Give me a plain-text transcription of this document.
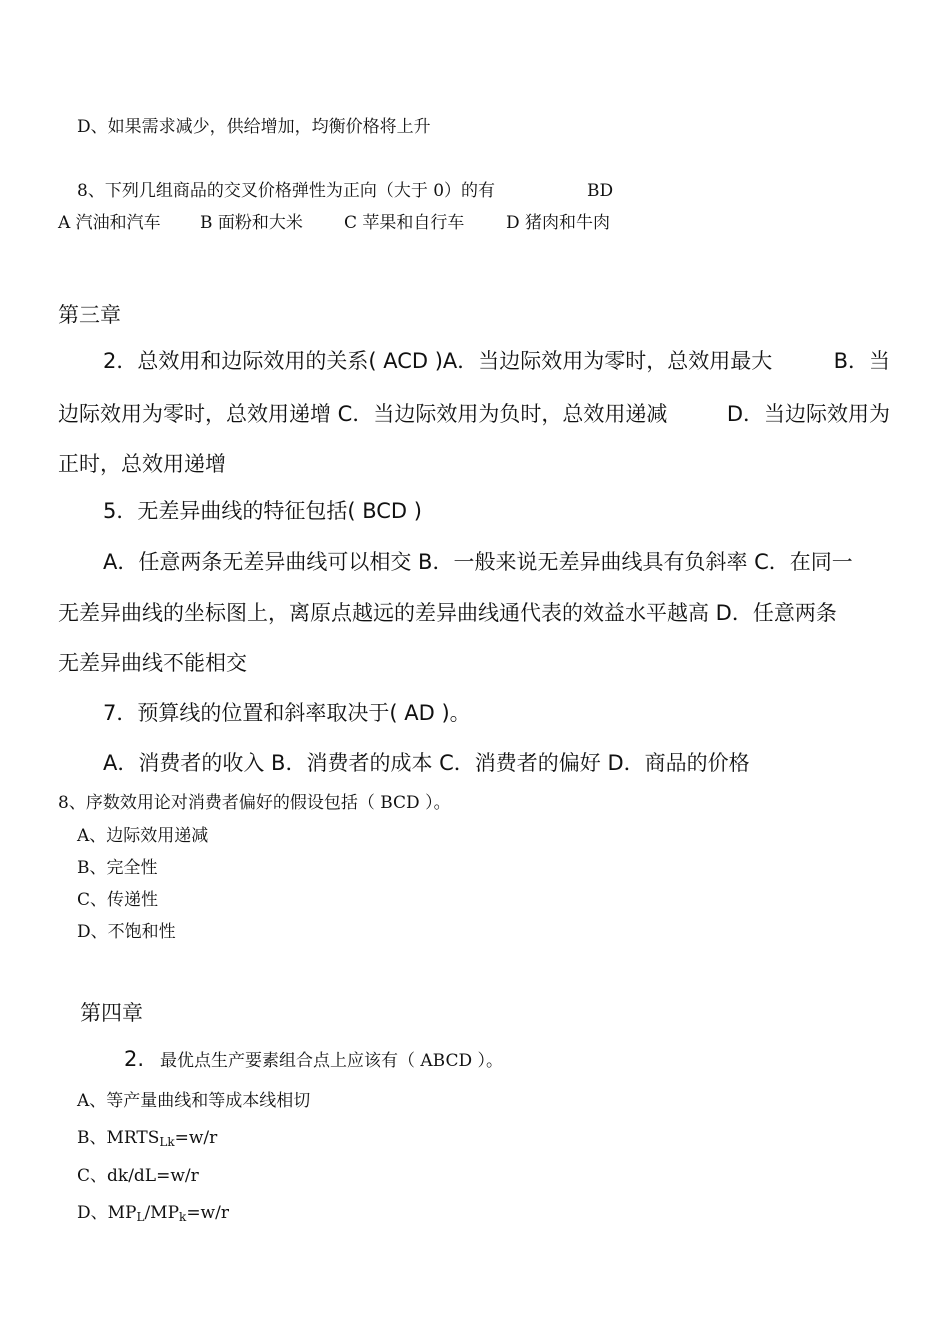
D、如果需求减少，供给增加，均衡价格将上升
8、下列几组商品的交叉价格弹性为正向（大于 0）的有	BD
A 汽油和汽车 B 面粉和大米 C 苹果和自行车 D 猪肉和牛肉
第三章
2．总效用和边际效用的关系( ACD )A．当边际效用为零时，总效用最大	B．当
边际效用为零时，总效用递增 C．当边际效用为负时，总效用递减	D．当边际效用为
正时，总效用递增
5．无差异曲线的特征包括( BCD )
A．任意两条无差异曲线可以相交 B．一般来说无差异曲线具有负斜率 C．在同一
无差异曲线的坐标图上，离原点越远的差异曲线通代表的效益水平越高 D．任意两条
无差异曲线不能相交
7．预算线的位置和斜率取决于( AD )。
A．消费者的收入 B．消费者的成本 C．消费者的偏好 D．商品的价格
8、序数效用论对消费者偏好的假设包括（ BCD ）。
A、边际效用递减
B、完全性
C、传递性
D、不饱和性
第四章
2. 最优点生产要素组合点上应该有（ ABCD ）。
A、等产量曲线和等成本线相切
B、$MRTS_{Lk}=w/r$
C、dk/dL=w/r
D、$MP_L/MP_k=w/r$
